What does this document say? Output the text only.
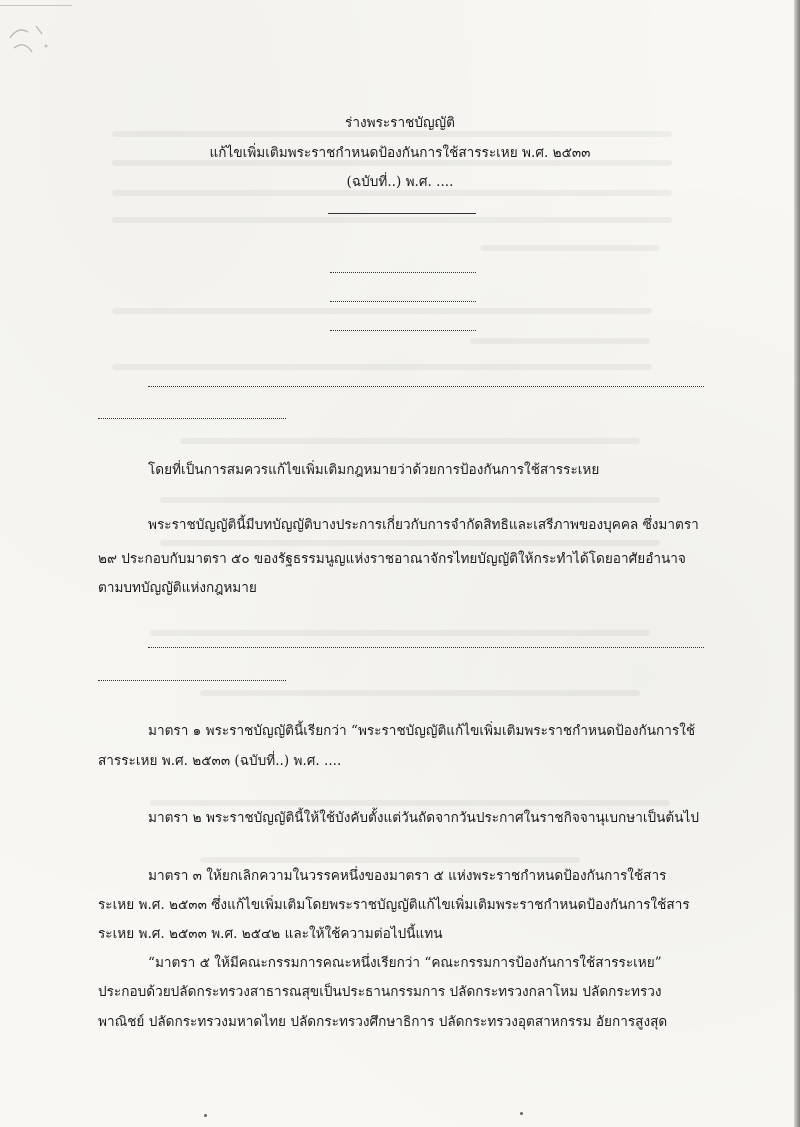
ร่างพระราชบัญญัติ
แก้ไขเพิ่มเติมพระราชกำหนดป้องกันการใช้สารระเหย พ.ศ. ๒๕๓๓
(ฉบับที่..) พ.ศ. ....
โดยที่เป็นการสมควรแก้ไขเพิ่มเติมกฎหมายว่าด้วยการป้องกันการใช้สารระเหย
พระราชบัญญัตินี้มีบทบัญญัติบางประการเกี่ยวกับการจำกัดสิทธิและเสรีภาพของบุคคล ซึ่งมาตรา
๒๙ ประกอบกับมาตรา ๕๐ ของรัฐธรรมนูญแห่งราชอาณาจักรไทยบัญญัติให้กระทำได้โดยอาศัยอำนาจ
ตามบทบัญญัติแห่งกฎหมาย
มาตรา ๑ พระราชบัญญัตินี้เรียกว่า “พระราชบัญญัติแก้ไขเพิ่มเติมพระราชกำหนดป้องกันการใช้
สารระเหย พ.ศ. ๒๕๓๓ (ฉบับที่..) พ.ศ. ....
มาตรา ๒ พระราชบัญญัตินี้ให้ใช้บังคับตั้งแต่วันถัดจากวันประกาศในราชกิจจานุเบกษาเป็นต้นไป
มาตรา ๓ ให้ยกเลิกความในวรรคหนึ่งของมาตรา ๕ แห่งพระราชกำหนดป้องกันการใช้สาร
ระเหย พ.ศ. ๒๕๓๓ ซึ่งแก้ไขเพิ่มเติมโดยพระราชบัญญัติแก้ไขเพิ่มเติมพระราชกำหนดป้องกันการใช้สาร
ระเหย พ.ศ. ๒๕๓๓ พ.ศ. ๒๕๔๒ และให้ใช้ความต่อไปนี้แทน
“มาตรา ๕ ให้มีคณะกรรมการคณะหนึ่งเรียกว่า “คณะกรรมการป้องกันการใช้สารระเหย”
ประกอบด้วยปลัดกระทรวงสาธารณสุขเป็นประธานกรรมการ ปลัดกระทรวงกลาโหม ปลัดกระทรวง
พาณิชย์ ปลัดกระทรวงมหาดไทย ปลัดกระทรวงศึกษาธิการ ปลัดกระทรวงอุตสาหกรรม อัยการสูงสุด
